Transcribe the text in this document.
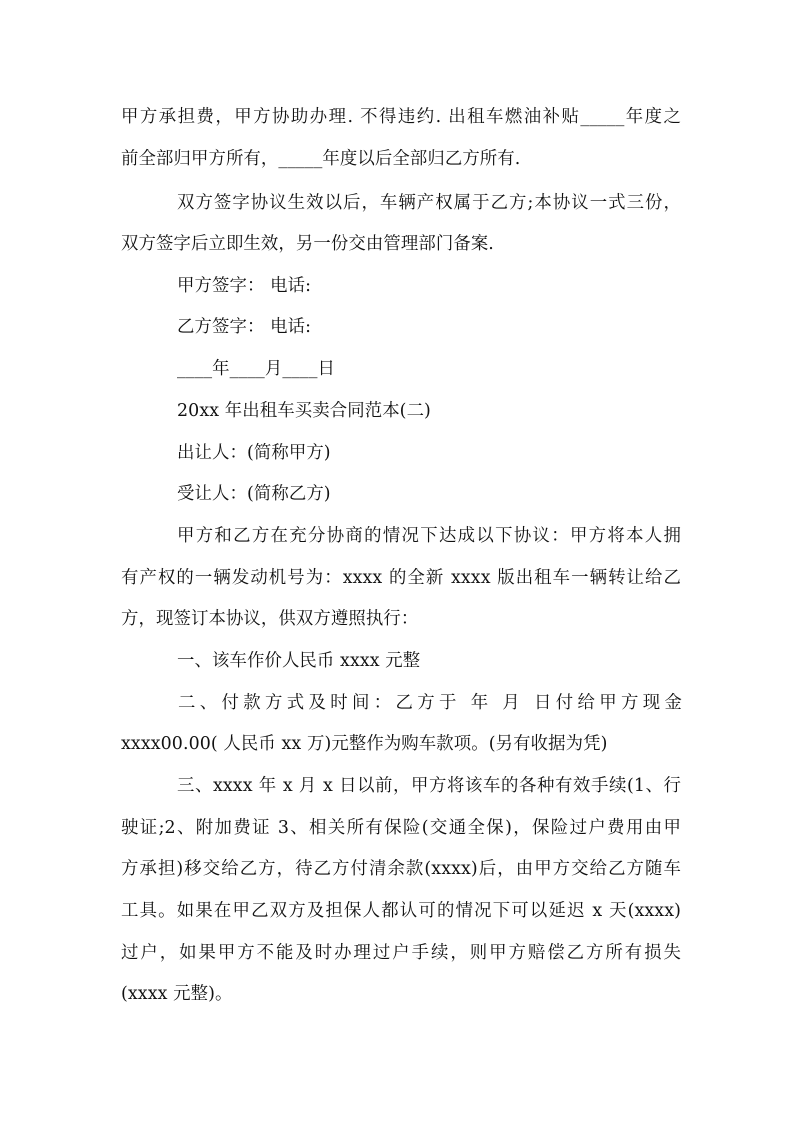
甲方承担费，甲方协助办理. 不得违约. 出租车燃油补贴_____年度之
前全部归甲方所有，_____年度以后全部归乙方所有.
双方签字协议生效以后，车辆产权属于乙方;本协议一式三份，
双方签字后立即生效，另一份交由管理部门备案.
甲方签字： 电话:
乙方签字： 电话:
____年____月____日
20xx 年出租车买卖合同范本(二)
出让人：(简称甲方)
受让人：(简称乙方)
甲方和乙方在充分协商的情况下达成以下协议：甲方将本人拥
有产权的一辆发动机号为：xxxx 的全新 xxxx 版出租车一辆转让给乙
方，现签订本协议，供双方遵照执行：
一、该车作价人民币 xxxx 元整
二、付款方式及时间：乙方于 年 月 日付给甲方现金
xxxx00.00( 人民币 xx 万)元整作为购车款项。(另有收据为凭)
三、xxxx 年 x 月 x 日以前，甲方将该车的各种有效手续(1、行
驶证;2、附加费证 3、相关所有保险(交通全保)，保险过户费用由甲
方承担)移交给乙方，待乙方付清余款(xxxx)后，由甲方交给乙方随车
工具。如果在甲乙双方及担保人都认可的情况下可以延迟 x 天(xxxx)
过户，如果甲方不能及时办理过户手续，则甲方赔偿乙方所有损失
(xxxx 元整)。
